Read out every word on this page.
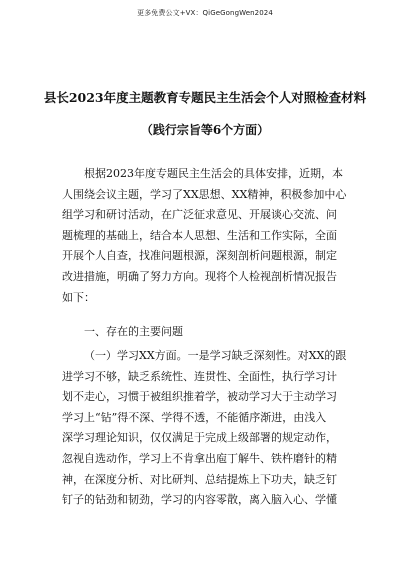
更多免费公文+VX：QiGeGongWen2024
县长2023年度主题教育专题民主生活会个人对照检查材料
（践行宗旨等6个方面）
根据2023年度专题民主生活会的具体安排，近期，本
人围绕会议主题，学习了XX思想、XX精神，积极参加中心
组学习和研讨活动，在广泛征求意见、开展谈心交流、问
题梳理的基础上，结合本人思想、生活和工作实际，全面
开展个人自查，找准问题根源，深刻剖析问题根源，制定
改进措施，明确了努力方向。现将个人检视剖析情况报告
如下：
一、存在的主要问题
（一）学习XX方面。一是学习缺乏深刻性。对XX的跟
进学习不够，缺乏系统性、连贯性、全面性，执行学习计
划不走心，习惯于被组织推着学，被动学习大于主动学习
学习上“钻”得不深、学得不透，不能循序渐进，由浅入
深学习理论知识，仅仅满足于完成上级部署的规定动作，
忽视自选动作，学习上不肯拿出庖丁解牛、铁杵磨针的精
神，在深度分析、对比研判、总结提炼上下功夫，缺乏钉
钉子的钻劲和韧劲，学习的内容零散，离入脑入心、学懂
